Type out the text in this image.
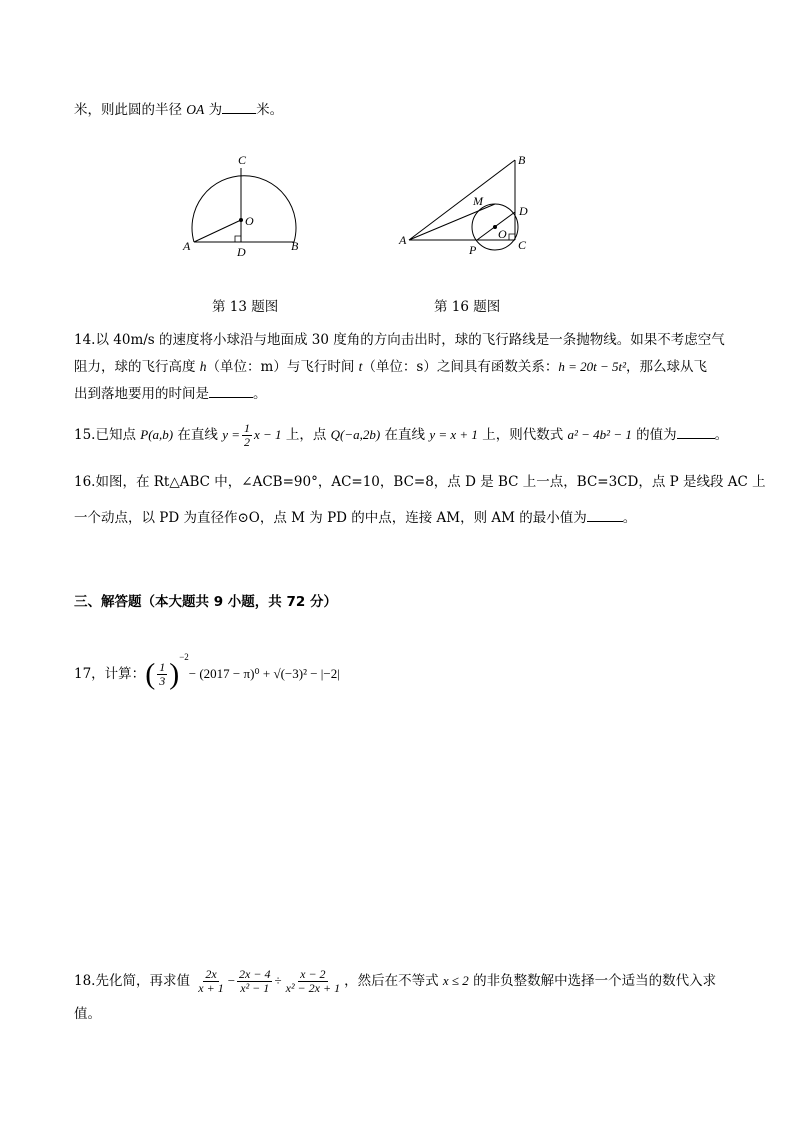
米，则此圆的半径 OA 为	米。
C
O
A	D	B
第 13 题图
B
M
D
A	O
P	C
第 16 题图
14.以 40m/s 的速度将小球沿与地面成 30 度角的方向击出时，球的飞行路线是一条抛物线。如果不考虑空气
阻力，球的飞行高度 h（单位：m）与飞行时间 t（单位：s）之间具有函数关系：h = 20t − 5t²，那么球从飞
出到落地要用的时间是	。
15.已知点 P(a,b) 在直线 $y = \frac{1}{2}$ x − 1 上，点 Q(−a,2b) 在直线 y = x + 1 上，则代数式 a² − 4b² − 1 的值为	。
16.如图，在 Rt△ABC 中，∠ACB=90°，AC=10，BC=8，点 D 是 BC 上一点，BC=3CD，点 P 是线段 AC 上
一个动点，以 PD 为直径作⊙O，点 M 为 PD 的中点，连接 AM，则 AM 的最小值为	。
三、解答题（本大题共 9 小题，共 72 分）
17，计算：( $\frac{1}{3} )^{-2}- (2017 - \pi)^0 + √(-3)^2 - |-2|$
18.先化简，再求值 $\frac{2x}{x + 1} - \frac{2x - 4}{\text{x² − 1}} \div \frac{x - 2}{\text{x² − 2x + 1}}$ ，然后在不等式 x ≤ 2 的非负整数解中选择一个适当的数代入求
值。
